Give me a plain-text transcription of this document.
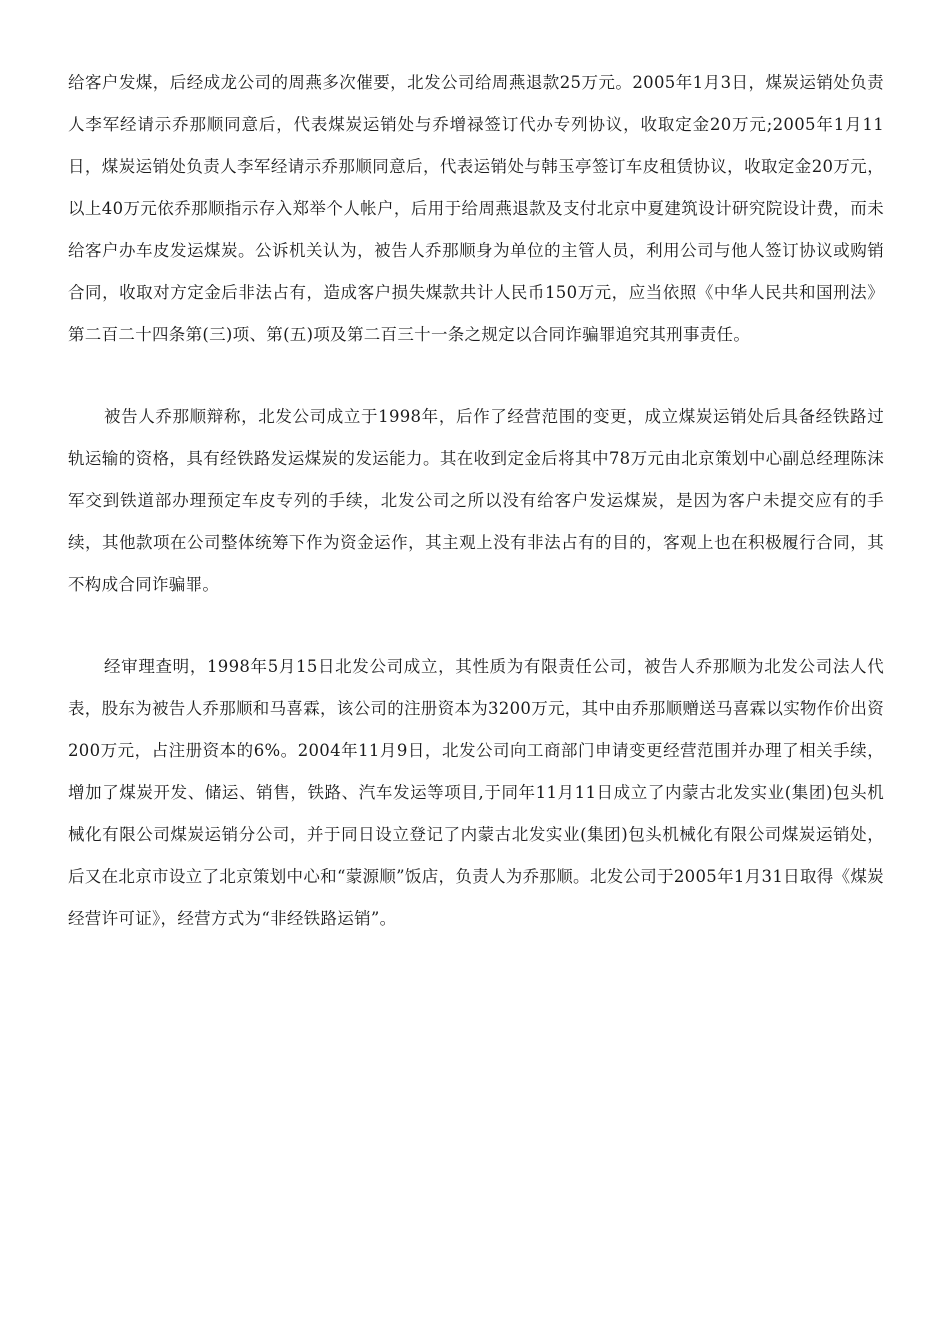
给客户发煤，后经成龙公司的周燕多次催要，北发公司给周燕退款25万元。2005年1月3日，煤炭运销处负责人李军经请示乔那顺同意后，代表煤炭运销处与乔增禄签订代办专列协议，收取定金20万元;2005年1月11日，煤炭运销处负责人李军经请示乔那顺同意后，代表运销处与韩玉亭签订车皮租赁协议，收取定金20万元，以上40万元依乔那顺指示存入郑举个人帐户，后用于给周燕退款及支付北京中夏建筑设计研究院设计费，而未给客户办车皮发运煤炭。公诉机关认为，被告人乔那顺身为单位的主管人员，利用公司与他人签订协议或购销合同，收取对方定金后非法占有，造成客户损失煤款共计人民币150万元，应当依照《中华人民共和国刑法》第二百二十四条第(三)项、第(五)项及第二百三十一条之规定以合同诈骗罪追究其刑事责任。

被告人乔那顺辩称，北发公司成立于1998年，后作了经营范围的变更，成立煤炭运销处后具备经铁路过轨运输的资格，具有经铁路发运煤炭的发运能力。其在收到定金后将其中78万元由北京策划中心副总经理陈沫军交到铁道部办理预定车皮专列的手续，北发公司之所以没有给客户发运煤炭，是因为客户未提交应有的手续，其他款项在公司整体统筹下作为资金运作，其主观上没有非法占有的目的，客观上也在积极履行合同，其不构成合同诈骗罪。

经审理查明，1998年5月15日北发公司成立，其性质为有限责任公司，被告人乔那顺为北发公司法人代表，股东为被告人乔那顺和马喜霖，该公司的注册资本为3200万元，其中由乔那顺赠送马喜霖以实物作价出资200万元，占注册资本的6%。2004年11月9日，北发公司向工商部门申请变更经营范围并办理了相关手续，增加了煤炭开发、储运、销售，铁路、汽车发运等项目,于同年11月11日成立了内蒙古北发实业(集团)包头机械化有限公司煤炭运销分公司，并于同日设立登记了内蒙古北发实业(集团)包头机械化有限公司煤炭运销处，后又在北京市设立了北京策划中心和“蒙源顺”饭店，负责人为乔那顺。北发公司于2005年1月31日取得《煤炭经营许可证》，经营方式为“非经铁路运销”。
